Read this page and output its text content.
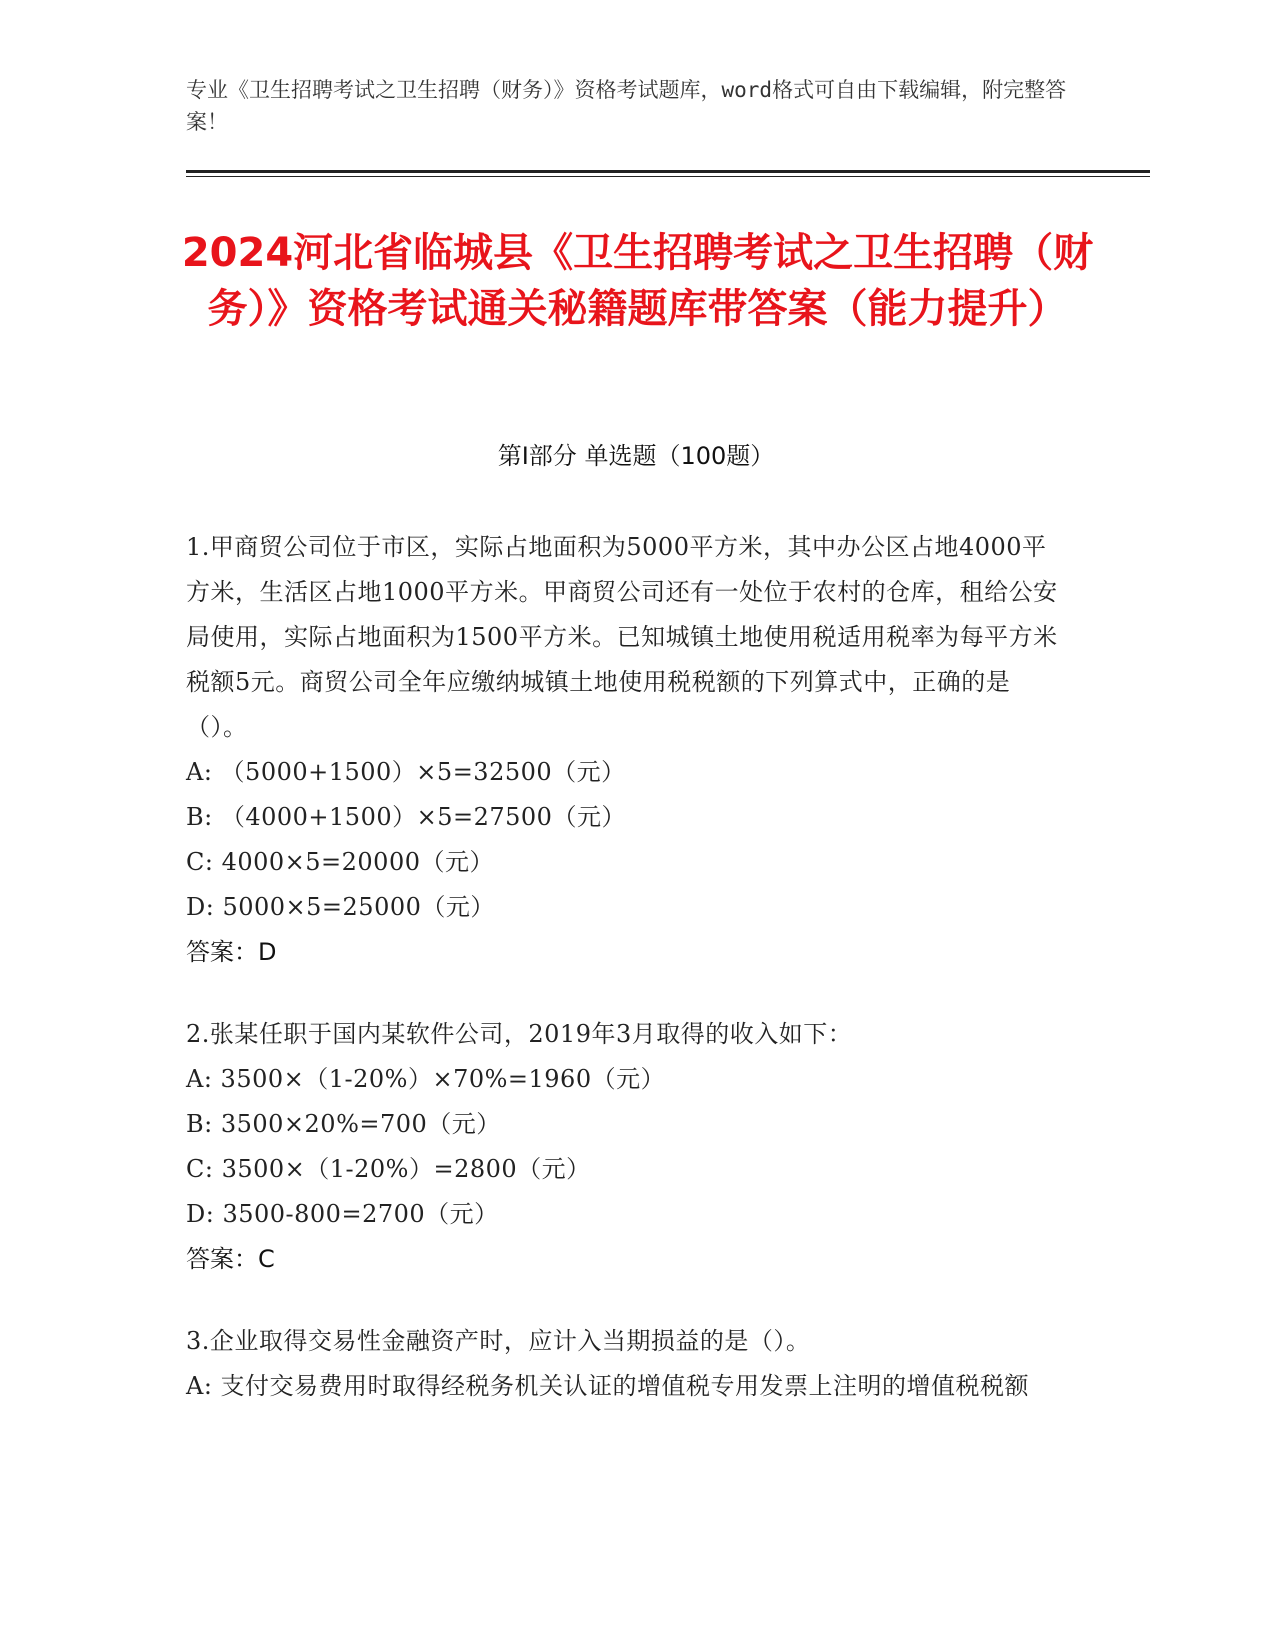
专业《卫生招聘考试之卫生招聘（财务）》资格考试题库，word格式可自由下载编辑，附完整答案！
2024河北省临城县《卫生招聘考试之卫生招聘（财务）》资格考试通关秘籍题库带答案（能力提升）
第I部分 单选题（100题）
1.甲商贸公司位于市区，实际占地面积为5000平方米，其中办公区占地4000平方米，生活区占地1000平方米。甲商贸公司还有一处位于农村的仓库，租给公安局使用，实际占地面积为1500平方米。已知城镇土地使用税适用税率为每平方米税额5元。商贸公司全年应缴纳城镇土地使用税税额的下列算式中，正确的是（）。
A: （5000+1500）×5=32500（元）
B: （4000+1500）×5=27500（元）
C: 4000×5=20000（元）
D: 5000×5=25000（元）
答案：D
2.张某任职于国内某软件公司，2019年3月取得的收入如下：
A: 3500×（1-20%）×70%=1960（元）
B: 3500×20%=700（元）
C: 3500×（1-20%）=2800（元）
D: 3500-800=2700（元）
答案：C
3.企业取得交易性金融资产时，应计入当期损益的是（）。
A: 支付交易费用时取得经税务机关认证的增值税专用发票上注明的增值税税额
